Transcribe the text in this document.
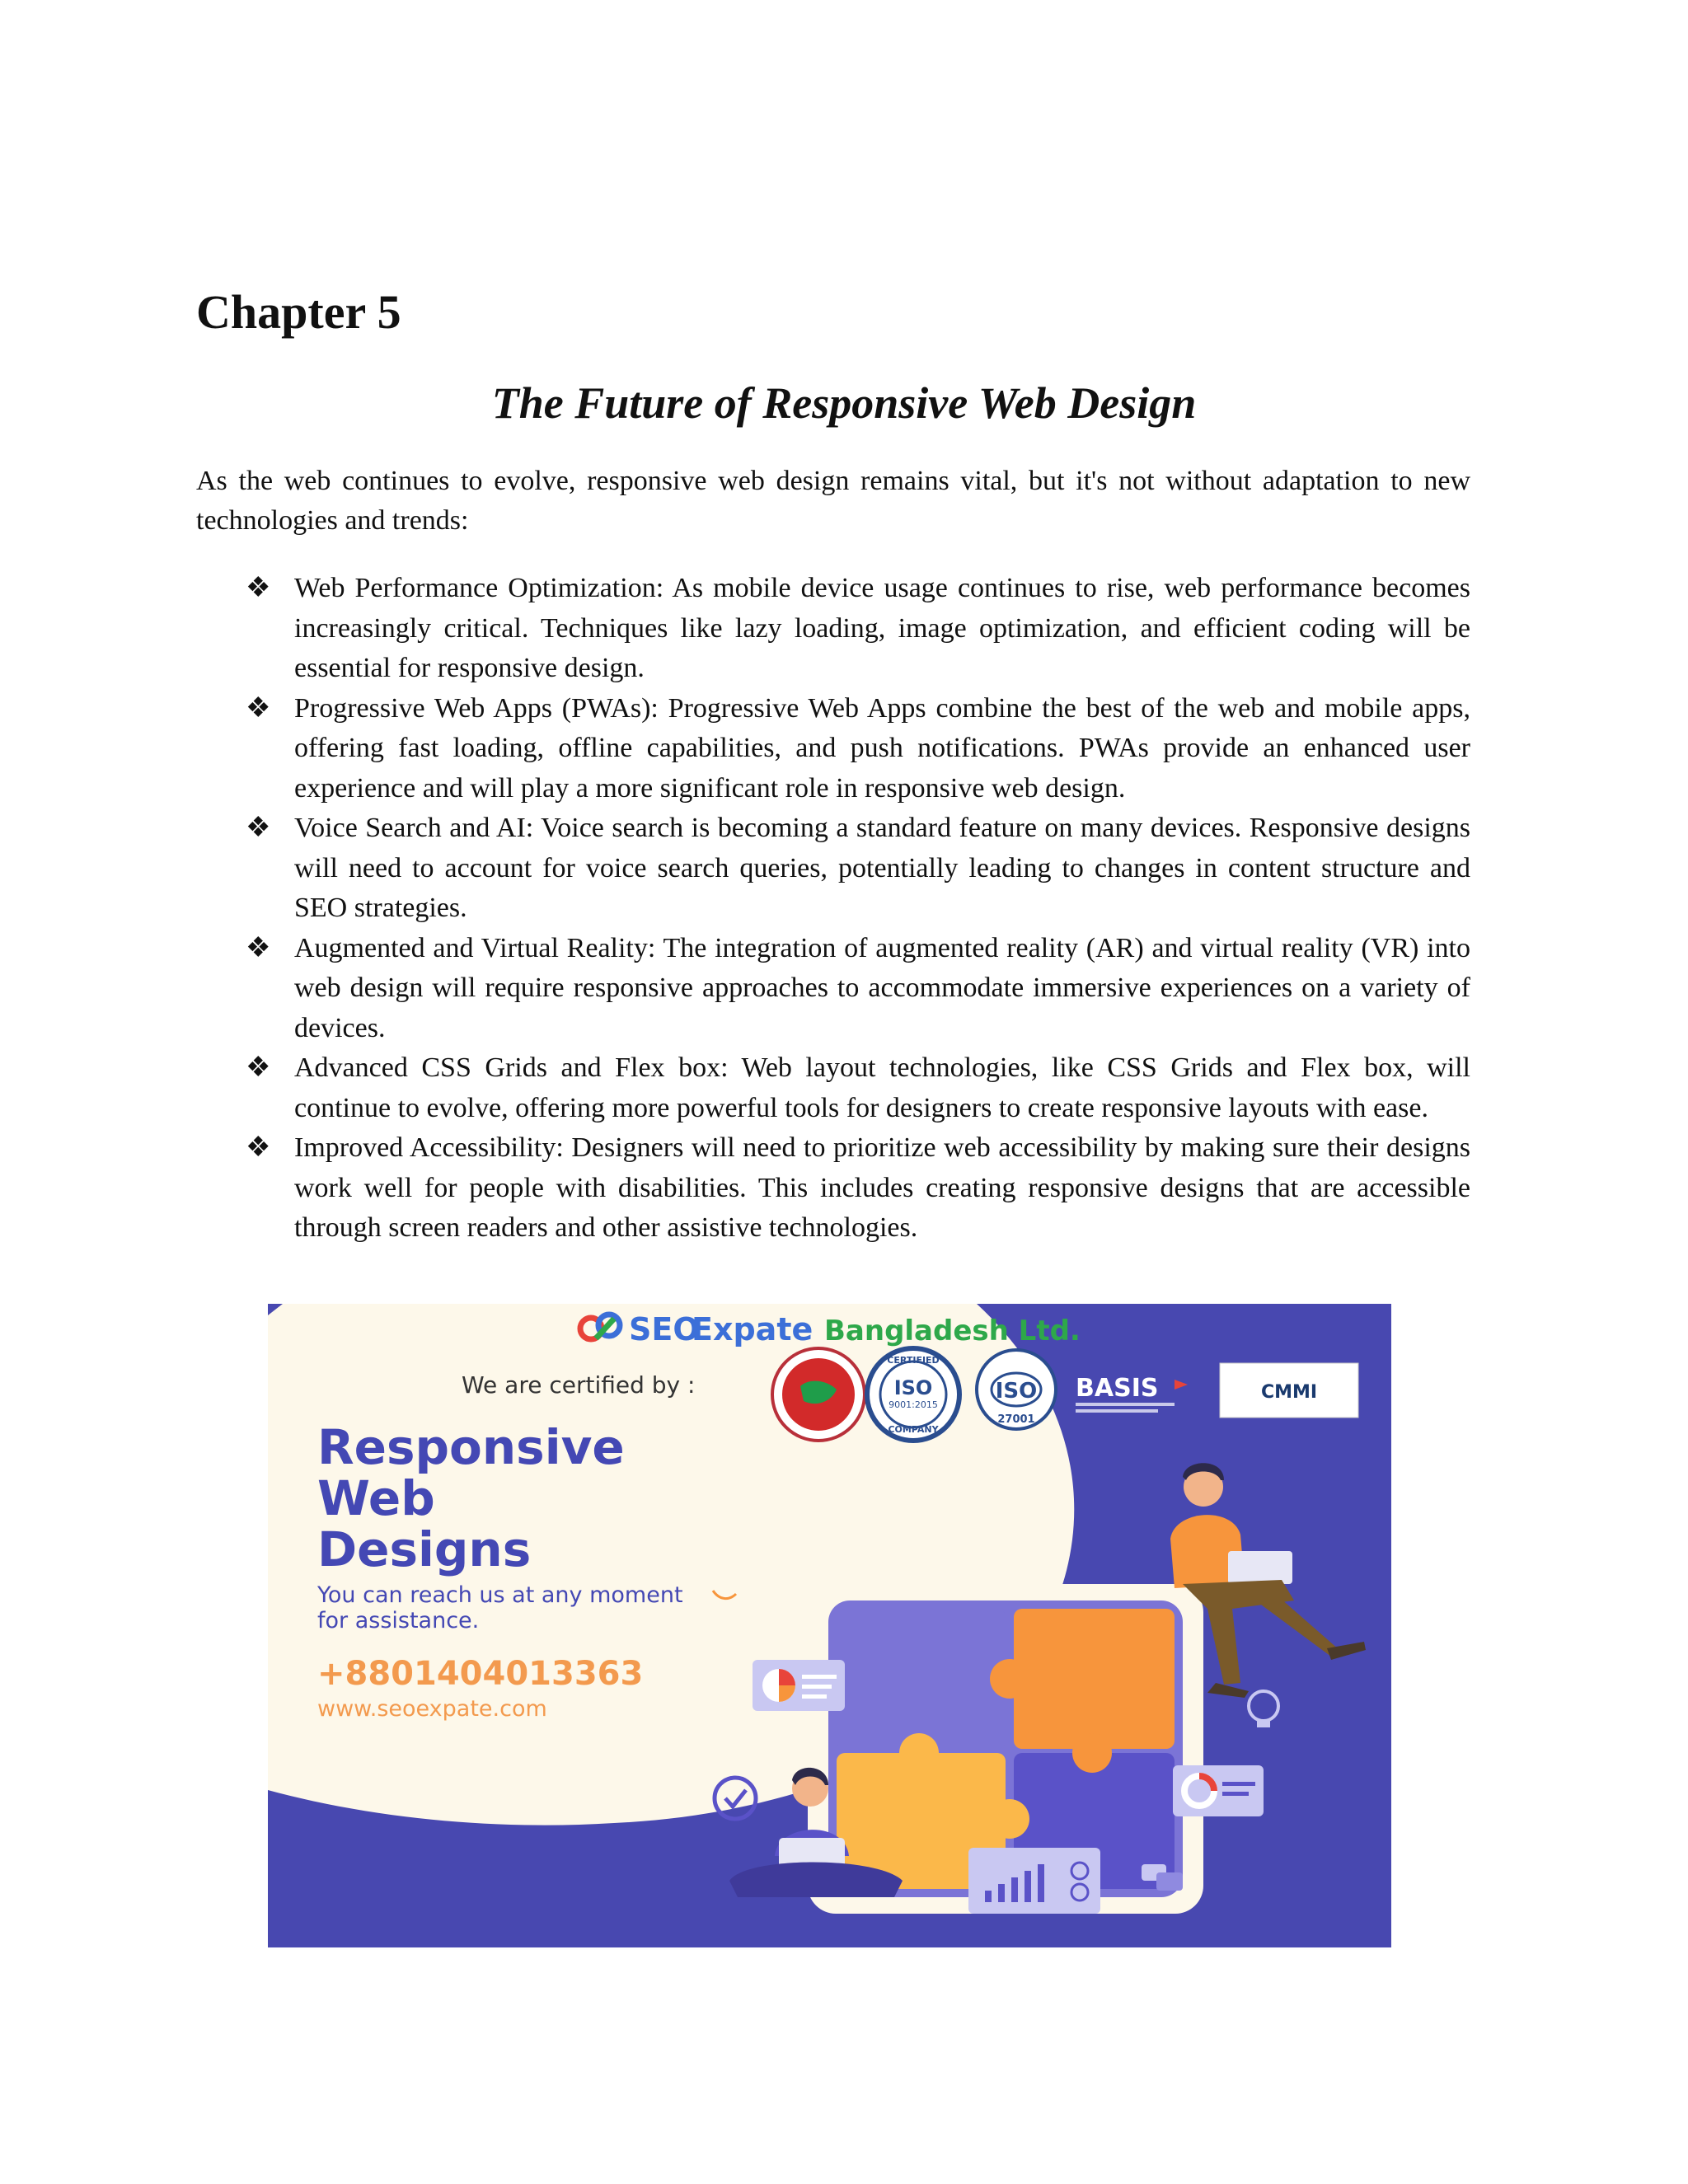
Chapter 5
The Future of Responsive Web Design

As the web continues to evolve, responsive web design remains vital, but it's not without adaptation to new technologies and trends:

❖ Web Performance Optimization: As mobile device usage continues to rise, web performance becomes increasingly critical. Techniques like lazy loading, image optimization, and efficient coding will be essential for responsive design.
❖ Progressive Web Apps (PWAs): Progressive Web Apps combine the best of the web and mobile apps, offering fast loading, offline capabilities, and push notifications. PWAs provide an enhanced user experience and will play a more significant role in responsive web design.
❖ Voice Search and AI: Voice search is becoming a standard feature on many devices. Responsive designs will need to account for voice search queries, potentially leading to changes in content structure and SEO strategies.
❖ Augmented and Virtual Reality: The integration of augmented reality (AR) and virtual reality (VR) into web design will require responsive approaches to accommodate immersive experiences on a variety of devices.
❖ Advanced CSS Grids and Flex box: Web layout technologies, like CSS Grids and Flex box, will continue to evolve, offering more powerful tools for designers to create responsive layouts with ease.
❖ Improved Accessibility: Designers will need to prioritize web accessibility by making sure their designs work well for people with disabilities. This includes creating responsive designs that are accessible through screen readers and other assistive technologies.
SEO
Expate Bangladesh Ltd.
We are certified by :
CERTIFIED
ISO
9001:2015
COMPANY
ISO
27001
BASIS	CMMI
Responsive
Web
Designs
You can reach us at any moment
for assistance.
+8801404013363
www.seoexpate.com
